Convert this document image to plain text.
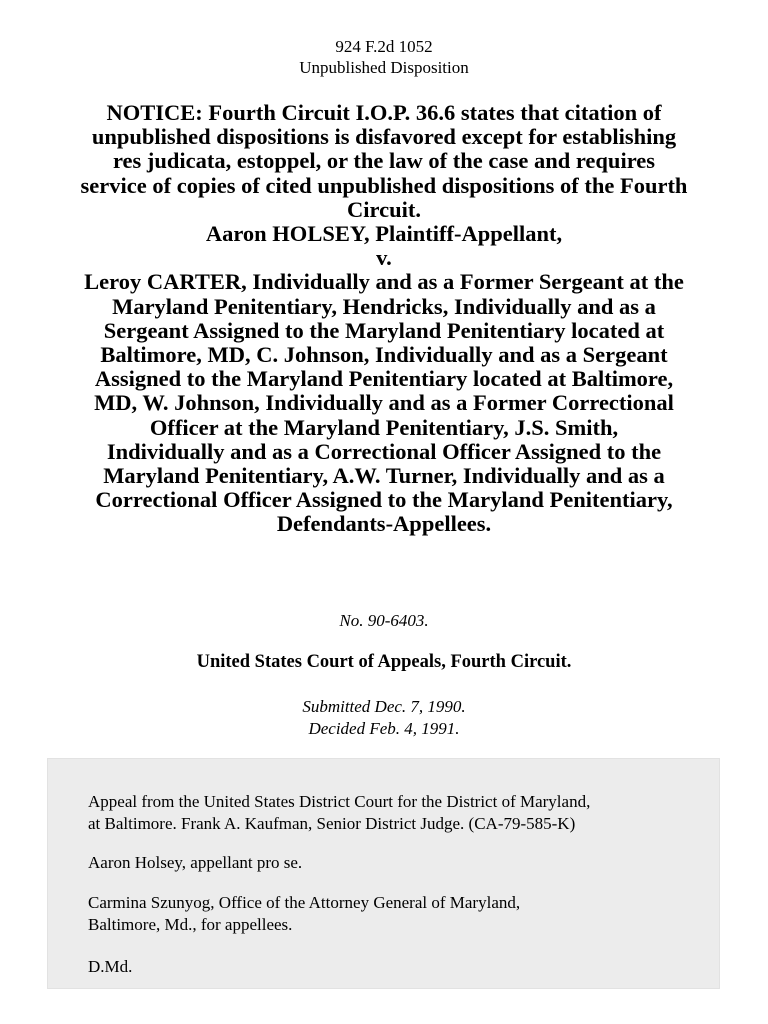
924 F.2d 1052
Unpublished Disposition
NOTICE: Fourth Circuit I.O.P. 36.6 states that citation of
unpublished dispositions is disfavored except for establishing
res judicata, estoppel, or the law of the case and requires
service of copies of cited unpublished dispositions of the Fourth
Circuit.
Aaron HOLSEY, Plaintiff-Appellant,
v.
Leroy CARTER, Individually and as a Former Sergeant at the
Maryland Penitentiary, Hendricks, Individually and as a
Sergeant Assigned to the Maryland Penitentiary located at
Baltimore, MD, C. Johnson, Individually and as a Sergeant
Assigned to the Maryland Penitentiary located at Baltimore,
MD, W. Johnson, Individually and as a Former Correctional
Officer at the Maryland Penitentiary, J.S. Smith,
Individually and as a Correctional Officer Assigned to the
Maryland Penitentiary, A.W. Turner, Individually and as a
Correctional Officer Assigned to the Maryland Penitentiary,
Defendants-Appellees.
No. 90-6403.
United States Court of Appeals, Fourth Circuit.
Submitted Dec. 7, 1990.
Decided Feb. 4, 1991.

Appeal from the United States District Court for the District of Maryland,
at Baltimore. Frank A. Kaufman, Senior District Judge. (CA-79-585-K)

Aaron Holsey, appellant pro se.

Carmina Szunyog, Office of the Attorney General of Maryland,
Baltimore, Md., for appellees.

D.Md.
